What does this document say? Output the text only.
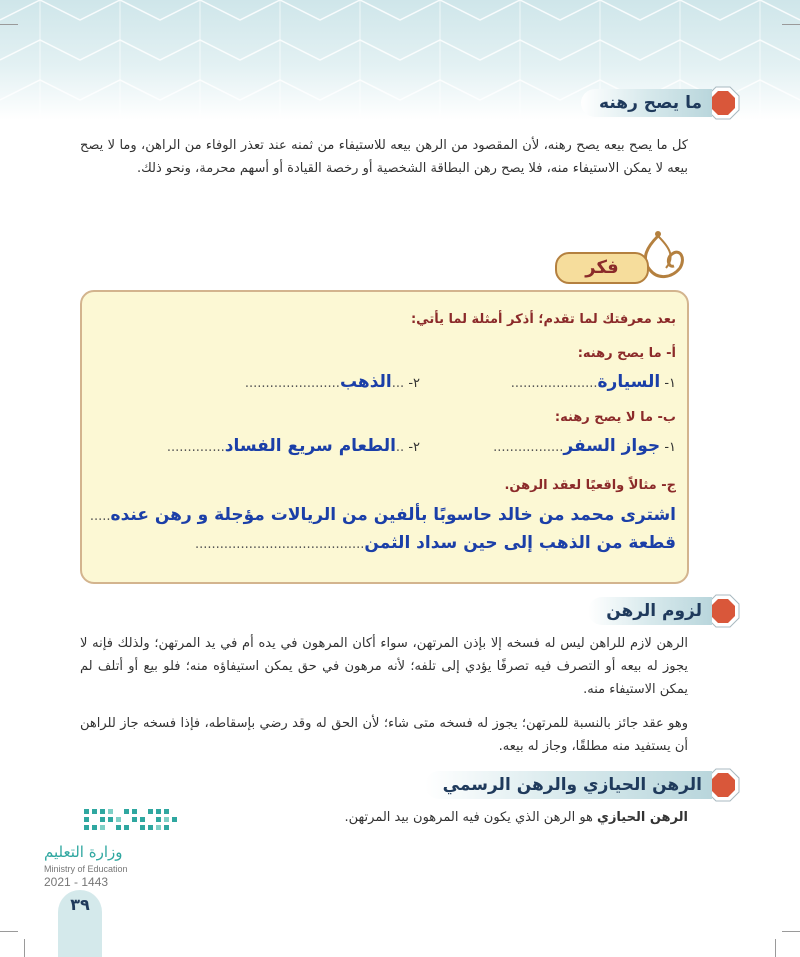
ما يصح رهنه
كل ما يصح بيعه يصح رهنه، لأن المقصود من الرهن بيعه للاستيفاء من ثمنه عند تعذر الوفاء من الراهن، وما لا يصح بيعه لا يمكن الاستيفاء منه، فلا يصح رهن البطاقة الشخصية أو رخصة القيادة أو أسهم محرمة، ونحو ذلك.
فكر
بعد معرفتك لما تقدم؛ أذكر أمثلة لما يأتي:
أ- ما يصح رهنه:
١- السيارة.....................
٢- ...الذهب.......................
ب- ما لا يصح رهنه:
١- جواز السفر.................
٢- ..الطعام سريع الفساد..............
ج- مثالاً واقعيًا لعقد الرهن.
اشترى محمد من خالد حاسوبًا بألفين من الريالات مؤجلة و رهن عنده.....
قطعة من الذهب إلى حين سداد الثمن.........................................
لزوم الرهن
الرهن لازم للراهن ليس له فسخه إلا بإذن المرتهن، سواء أكان المرهون في يده أم في يد المرتهن؛ ولذلك فإنه لا يجوز له بيعه أو التصرف فيه تصرفًا يؤدي إلى تلفه؛ لأنه مرهون في حق يمكن استيفاؤه منه؛ فلو بيع أو أتلف لم يمكن الاستيفاء منه.
وهو عقد جائز بالنسبة للمرتهن؛ يجوز له فسخه متى شاء؛ لأن الحق له وقد رضي بإسقاطه، فإذا فسخه جاز للراهن أن يستفيد منه مطلقًا، وجاز له بيعه.
الرهن الحيازي والرهن الرسمي
الرهن الحيازي هو الرهن الذي يكون فيه المرهون بيد المرتهن.
وزارة التعليم
Ministry of Education
2021 - 1443
٣٩
